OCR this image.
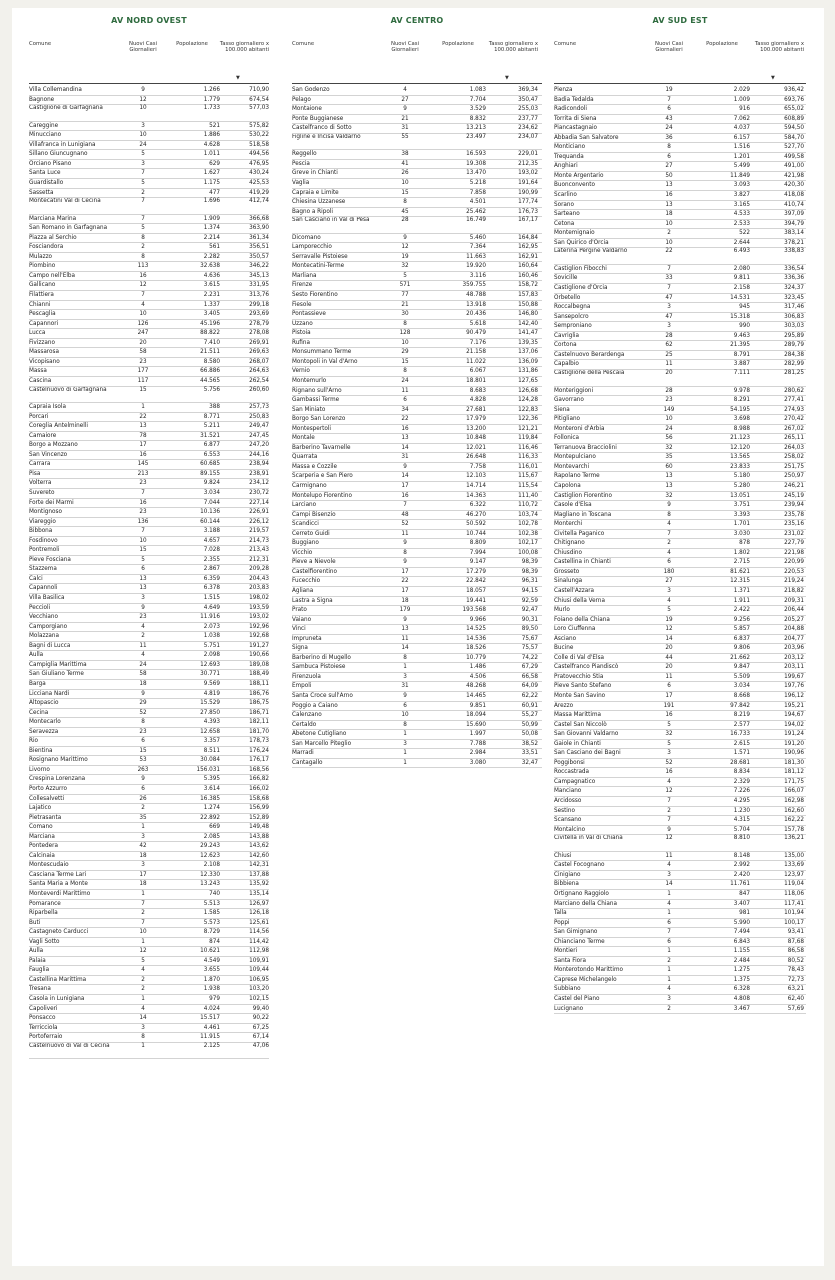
AV NORD OVEST
Comune	Nuovi Casi Giornalieri
Popolazione	Tasso giornaliero x 100.000 abitanti
▼
Villa Collemandina	9	1.266	710,90
Bagnone	12	1.779	674,54
Castiglione di Garfagnana	10	1.733	577,03
Careggine	3	521	575,82
Minucciano	10	1.886	530,22
Villafranca in Lunigiana	24	4.628	518,58
Sillano Giuncugnano	5	1.011	494,56
Orciano Pisano	3	629	476,95
Santa Luce	7	1.627	430,24
Guardistallo	5	1.175	425,53
Sassetta	2	477	419,29
Montecatini Val di Cecina	7	1.696	412,74
Marciana Marina	7	1.909	366,68
San Romano in Garfagnana	5	1.374	363,90
Piazza al Serchio	8	2.214	361,34
Fosciandora	2	561	356,51
Mulazzo	8	2.282	350,57
Piombino	113	32.638	346,22
Campo nell'Elba	16	4.636	345,13
Gallicano	12	3.615	331,95
Filattiera	7	2.231	313,76
Chianni	4	1.337	299,18
Pescaglia	10	3.405	293,69
Capannori	126	45.196	278,79
Lucca	247	88.822	278,08
Fivizzano	20	7.410	269,91
Massarosa	58	21.511	269,63
Vicopisano	23	8.580	268,07
Massa	177	66.886	264,63
Cascina	117	44.565	262,54
Castelnuovo di Garfagnana	15	5.756	260,60
Capraia Isola	1	388	257,73
Porcari	22	8.771	250,83
Coreglia Antelminelli	13	5.211	249,47
Camaiore	78	31.521	247,45
Borgo a Mozzano	17	6.877	247,20
San Vincenzo	16	6.553	244,16
Carrara	145	60.685	238,94
Pisa	213	89.155	238,91
Volterra	23	9.824	234,12
Suvereto	7	3.034	230,72
Forte dei Marmi	16	7.044	227,14
Montignoso	23	10.136	226,91
Viareggio	136	60.144	226,12
Bibbona	7	3.188	219,57
Fosdinovo	10	4.657	214,73
Pontremoli	15	7.028	213,43
Pieve Fosciana	5	2.355	212,31
Stazzema	6	2.867	209,28
Calci	13	6.359	204,43
Capannoli	13	6.378	203,83
Villa Basilica	3	1.515	198,02
Peccioli	9	4.649	193,59
Vecchiano	23	11.916	193,02
Camporgiano	4	2.073	192,96
Molazzana	2	1.038	192,68
Bagni di Lucca	11	5.751	191,27
Aulla	4	2.098	190,66
Campiglia Marittima	24	12.693	189,08
San Giuliano Terme	58	30.771	188,49
Barga	18	9.569	188,11
Licciana Nardi	9	4.819	186,76
Altopascio	29	15.529	186,75
Cecina	52	27.850	186,71
Montecarlo	8	4.393	182,11
Seravezza	23	12.658	181,70
Rio	6	3.357	178,73
Bientina	15	8.511	176,24
Rosignano Marittimo	53	30.084	176,17
Livorno	263	156.031	168,56
Crespina Lorenzana	9	5.395	166,82
Porto Azzurro	6	3.614	166,02
Collesalvetti	26	16.385	158,68
Lajatico	2	1.274	156,99
Pietrasanta	35	22.892	152,89
Comano	1	669	149,48
Marciana	3	2.085	143,88
Pontedera	42	29.243	143,62
Calcinaia	18	12.623	142,60
Montescudaio	3	2.108	142,31
Casciana Terme Lari	17	12.330	137,88
Santa Maria a Monte	18	13.243	135,92
Monteverdi Marittimo	1	740	135,14
Pomarance	7	5.513	126,97
Riparbella	2	1.585	126,18
Buti	7	5.573	125,61
Castagneto Carducci	10	8.729	114,56
Vagli Sotto	1	874	114,42
Aulla	12	10.621	112,98
Palaia	5	4.549	109,91
Fauglia	4	3.655	109,44
Castellina Marittima	2	1.870	106,95
Tresana	2	1.938	103,20
Casola in Lunigiana	1	979	102,15
Capoliveri	4	4.024	99,40
Ponsacco	14	15.517	90,22
Terricciola	3	4.461	67,25
Portoferraio	8	11.915	67,14
Castelnuovo di Val di Cecina	1	2.125	47,06
AV CENTRO
Comune	Nuovi Casi Giornalieri
Popolazione	Tasso giornaliero x 100.000 abitanti
▼
San Godenzo	4	1.083	369,34
Pelago	27	7.704	350,47
Montaione	9	3.529	255,03
Ponte Buggianese	21	8.832	237,77
Castelfranco di Sotto	31	13.213	234,62
Figline e Incisa Valdarno	55	23.497	234,07
Reggello	38	16.593	229,01
Pescia	41	19.308	212,35
Greve in Chianti	26	13.470	193,02
Vaglia	10	5.218	191,64
Capraia e Limite	15	7.858	190,99
Chiesina Uzzanese	8	4.501	177,74
Bagno a Ripoli	45	25.462	176,73
San Casciano in Val di Pesa	28	16.749	167,17
Dicomano	9	5.460	164,84
Lamporecchio	12	7.364	162,95
Serravalle Pistoiese	19	11.663	162,91
Montecatini-Terme	32	19.920	160,64
Marliana	5	3.116	160,46
Firenze	571	359.755	158,72
Sesto Fiorentino	77	48.788	157,83
Fiesole	21	13.918	150,88
Pontassieve	30	20.436	146,80
Uzzano	8	5.618	142,40
Pistoia	128	90.479	141,47
Rufina	10	7.176	139,35
Monsummano Terme	29	21.158	137,06
Montopoli in Val d'Arno	15	11.022	136,09
Vernio	8	6.067	131,86
Montemurlo	24	18.801	127,65
Rignano sull'Arno	11	8.683	126,68
Gambassi Terme	6	4.828	124,28
San Miniato	34	27.681	122,83
Borgo San Lorenzo	22	17.979	122,36
Montespertoli	16	13.200	121,21
Montale	13	10.848	119,84
Barberino Tavarnelle	14	12.021	116,46
Quarrata	31	26.648	116,33
Massa e Cozzile	9	7.758	116,01
Scarperia e San Piero	14	12.103	115,67
Carmignano	17	14.714	115,54
Montelupo Fiorentino	16	14.363	111,40
Larciano	7	6.322	110,72
Campi Bisenzio	48	46.270	103,74
Scandicci	52	50.592	102,78
Cerreto Guidi	11	10.744	102,38
Buggiano	9	8.809	102,17
Vicchio	8	7.994	100,08
Pieve a Nievole	9	9.147	98,39
Castelfiorentino	17	17.279	98,39
Fucecchio	22	22.842	96,31
Agliana	17	18.057	94,15
Lastra a Signa	18	19.441	92,59
Prato	179	193.568	92,47
Vaiano	9	9.966	90,31
Vinci	13	14.525	89,50
Impruneta	11	14.536	75,67
Signa	14	18.526	75,57
Barberino di Mugello	8	10.779	74,22
Sambuca Pistoiese	1	1.486	67,29
Firenzuola	3	4.506	66,58
Empoli	31	48.268	64,09
Santa Croce sull'Arno	9	14.465	62,22
Poggio a Caiano	6	9.851	60,91
Calenzano	10	18.094	55,27
Certaldo	8	15.690	50,99
Abetone Cutigliano	1	1.997	50,08
San Marcello Piteglio	3	7.788	38,52
Marradi	1	2.984	33,51
Cantagallo	1	3.080	32,47
AV SUD EST
Comune	Nuovi Casi Giornalieri
Popolazione	Tasso giornaliero x 100.000 abitanti
▼
Pienza	19	2.029	936,42
Badia Tedalda	7	1.009	693,76
Radicondoli	6	916	655,02
Torrita di Siena	43	7.062	608,89
Piancastagnaio	24	4.037	594,50
Abbadia San Salvatore	36	6.157	584,70
Monticiano	8	1.516	527,70
Trequanda	6	1.201	499,58
Anghiari	27	5.499	491,00
Monte Argentario	50	11.849	421,98
Buonconvento	13	3.093	420,30
Scarlino	16	3.827	418,08
Sorano	13	3.165	410,74
Sarteano	18	4.533	397,09
Cetona	10	2.533	394,79
Montemignaio	2	522	383,14
San Quirico d'Orcia	10	2.644	378,21
Laterina Pergine Valdarno	22	6.493	338,83
Castiglion Fibocchi	7	2.080	336,54
Sovicille	33	9.811	336,36
Castiglione d'Orcia	7	2.158	324,37
Orbetello	47	14.531	323,45
Roccalbegna	3	945	317,46
Sansepolcro	47	15.318	306,83
Semproniano	3	990	303,03
Cavriglia	28	9.463	295,89
Cortona	62	21.395	289,79
Castelnuovo Berardenga	25	8.791	284,38
Capalbio	11	3.887	282,99
Castiglione della Pescaia	20	7.111	281,25
Monteriggioni	28	9.978	280,62
Gavorrano	23	8.291	277,41
Siena	149	54.195	274,93
Pitigliano	10	3.698	270,42
Monteroni d'Arbia	24	8.988	267,02
Follonica	56	21.123	265,11
Terranuova Bracciolini	32	12.120	264,03
Montepulciano	35	13.565	258,02
Montevarchi	60	23.833	251,75
Rapolano Terme	13	5.180	250,97
Capolona	13	5.280	246,21
Castiglion Fiorentino	32	13.051	245,19
Casole d'Elsa	9	3.751	239,94
Magliano in Toscana	8	3.393	235,78
Monterchi	4	1.701	235,16
Civitella Paganico	7	3.030	231,02
Chitignano	2	878	227,79
Chiusdino	4	1.802	221,98
Castellina in Chianti	6	2.715	220,99
Grosseto	180	81.621	220,53
Sinalunga	27	12.315	219,24
Castell'Azzara	3	1.371	218,82
Chiusi della Verna	4	1.911	209,31
Murlo	5	2.422	206,44
Foiano della Chiana	19	9.256	205,27
Loro Ciuffenna	12	5.857	204,88
Asciano	14	6.837	204,77
Bucine	20	9.806	203,96
Colle di Val d'Elsa	44	21.662	203,12
Castelfranco Piandiscò	20	9.847	203,11
Pratovecchio Stia	11	5.509	199,67
Pieve Santo Stefano	6	3.034	197,76
Monte San Savino	17	8.668	196,12
Arezzo	191	97.842	195,21
Massa Marittima	16	8.219	194,67
Castel San Niccolò	5	2.577	194,02
San Giovanni Valdarno	32	16.733	191,24
Gaiole in Chianti	5	2.615	191,20
San Casciano dei Bagni	3	1.571	190,96
Poggibonsi	52	28.681	181,30
Roccastrada	16	8.834	181,12
Campagnatico	4	2.329	171,75
Manciano	12	7.226	166,07
Arcidosso	7	4.295	162,98
Sestino	2	1.230	162,60
Scansano	7	4.315	162,22
Montalcino	9	5.704	157,78
Civitella in Val di Chiana	12	8.810	136,21
Chiusi	11	8.148	135,00
Castel Focognano	4	2.992	133,69
Cinigiano	3	2.420	123,97
Bibbiena	14	11.761	119,04
Ortignano Raggiolo	1	847	118,06
Marciano della Chiana	4	3.407	117,41
Talla	1	981	101,94
Poppi	6	5.990	100,17
San Gimignano	7	7.494	93,41
Chianciano Terme	6	6.843	87,68
Montieri	1	1.155	86,58
Santa Fiora	2	2.484	80,52
Monterotondo Marittimo	1	1.275	78,43
Caprese Michelangelo	1	1.375	72,73
Subbiano	4	6.328	63,21
Castel del Piano	3	4.808	62,40
Lucignano	2	3.467	57,69
